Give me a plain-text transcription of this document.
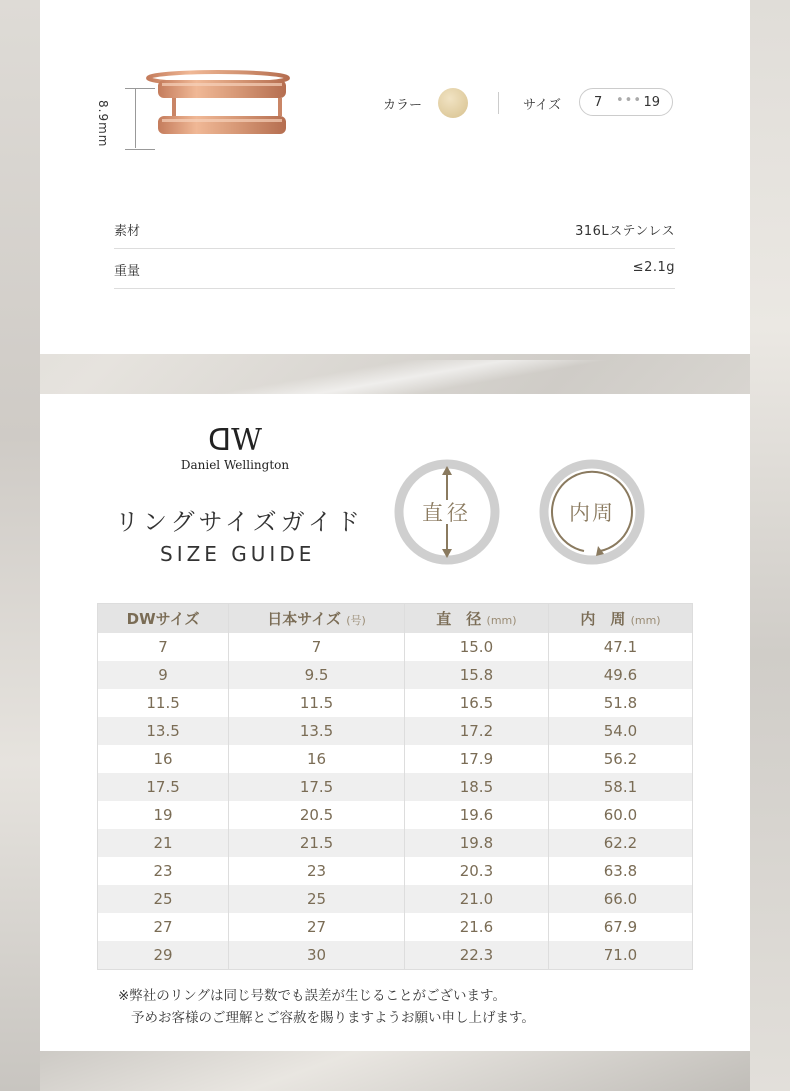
8.9mm	カラー	サイズ	7 ••• 19
素材	316Lステンレス
重量	≤2.1g
ᗡW
Daniel Wellington
リングサイズガイド
SIZE GUIDE
直径	内周
DWサイズ	日本サイズ (号)	直　径 (mm)	内　周 (mm)
7	7	15.0	47.1
9	9.5	15.8	49.6
11.5	11.5	16.5	51.8
13.5	13.5	17.2	54.0
16	16	17.9	56.2
17.5	17.5	18.5	58.1
19	20.5	19.6	60.0
21	21.5	19.8	62.2
23	23	20.3	63.8
25	25	21.0	66.0
27	27	21.6	67.9
29	30	22.3	71.0
※弊社のリングは同じ号数でも誤差が生じることがございます。
予めお客様のご理解とご容赦を賜りますようお願い申し上げます。
